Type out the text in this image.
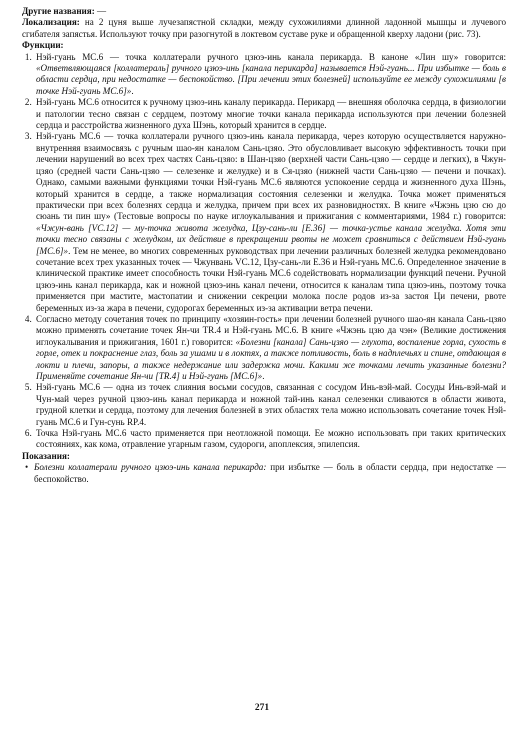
Другие названия: —

Локализация: на 2 цуня выше лучезапястной складки, между сухожилиями длинной ладонной мышцы и лучевого сгибателя запястья. Используют точку при разогнутой в локтевом суставе руке и обращенной кверху ладони (рис. 73).

Функции:

1. Нэй-гуань МС.6 — точка коллатерали ручного цзюэ-инь канала перикарда. В каноне «Лин шу» говорится: «Ответвляющаяся [коллатераль] ручного цзюэ-инь [канала перикарда] называется Нэй-гуань... При избытке — боль в области сердца, при недостатке — беспокойство. [При лечении этих болезней] используйте ее между сухожилиями [в точке Нэй-гуань МС.6]».
2. Нэй-гуань МС.6 относится к ручному цзюэ-инь каналу перикарда. Перикард — внешняя оболочка сердца, в физиологии и патологии тесно связан с сердцем, поэтому многие точки канала перикарда используются при лечении болезней сердца и расстройства жизненного духа Шэнь, который хранится в сердце.
3. Нэй-гуань МС.6 — точка коллатерали ручного цзюэ-инь канала перикарда, через которую осуществляется наружно-внутренняя взаимосвязь с ручным шао-ян каналом Сань-цзяо. Это обусловливает высокую эффективность точки при лечении нарушений во всех трех частях Сань-цзяо: в Шан-цзяо (верхней части Сань-цзяо — сердце и легких), в Чжун-цзяо (средней части Сань-цзяо — селезенке и желудке) и в Ся-цзяо (нижней части Сань-цзяо — печени и почках). Однако, самыми важными функциями точки Нэй-гуань МС.6 являются успокоение сердца и жизненного духа Шэнь, который хранится в сердце, а также нормализация состояния селезенки и желудка. Точка может применяться практически при всех болезнях сердца и желудка, причем при всех их разновидностях. В книге «Чжэнь цзю сю до сюань ти пин шу» (Тестовые вопросы по науке иглоукалывания и прижигания с комментариями, 1984 г.) говорится: «Чжун-вань [VC.12] — му-точка живота желудка, Цзу-сань-ли [Е.36] — точка-устье канала желудка. Хотя эти точки тесно связаны с желудком, их действие в прекращении рвоты не может сравниться с действием Нэй-гуань [МС.6]». Тем не менее, во многих современных руководствах при лечении различных болезней желудка рекомендовано сочетание всех трех указанных точек — Чжунвань VC.12, Цзу-сань-ли Е.36 и Нэй-гуань МС.6. Определенное значение в клинической практике имеет способность точки Нэй-гуань МС.6 содействовать нормализации функций печени. Ручной цзюэ-инь канал перикарда, как и ножной цзюэ-инь канал печени, относится к каналам типа цзюэ-инь, поэтому точка применяется при мастите, мастопатии и снижении секреции молока после родов из-за застоя Ци печени, рвоте беременных из-за жара в печени, судорогах беременных из-за активации ветра печени.
4. Согласно методу сочетания точек по принципу «хозяин-гость» при лечении болезней ручного шао-ян канала Сань-цзяо можно применять сочетание точек Ян-чи TR.4 и Нэй-гуань МС.6. В книге «Чжэнь цзю да чэн» (Великие достижения иглоукалывания и прижигания, 1601 г.) говорится: «Болезни [канала] Сань-цзяо — глухота, воспаление горла, сухость в горле, отек и покраснение глаз, боль за ушами и в локтях, а также потливость, боль в надплечьях и спине, отдающая в локти и плечи, запоры, а также недержание или задержка мочи. Какими же точками лечить указанные болезни? Применяйте сочетание Ян-чи [TR.4] и Нэй-гуань [МС.6]».
5. Нэй-гуань МС.6 — одна из точек слияния восьми сосудов, связанная с сосудом Инь-вэй-май. Сосуды Инь-вэй-май и Чун-май через ручной цзюэ-инь канал перикарда и ножной тай-инь канал селезенки сливаются в области живота, грудной клетки и сердца, поэтому для лечения болезней в этих областях тела можно использовать сочетание точек Нэй-гуань МС.6 и Гун-сунь RP.4.
6. Точка Нэй-гуань МС.6 часто применяется при неотложной помощи. Ее можно использовать при таких критических состояниях, как кома, отравление угарным газом, судороги, апоплексия, эпилепсия.

Показания:

• Болезни коллатерали ручного цзюэ-инь канала перикарда: при избытке — боль в области сердца, при недостатке — беспокойство.
271
